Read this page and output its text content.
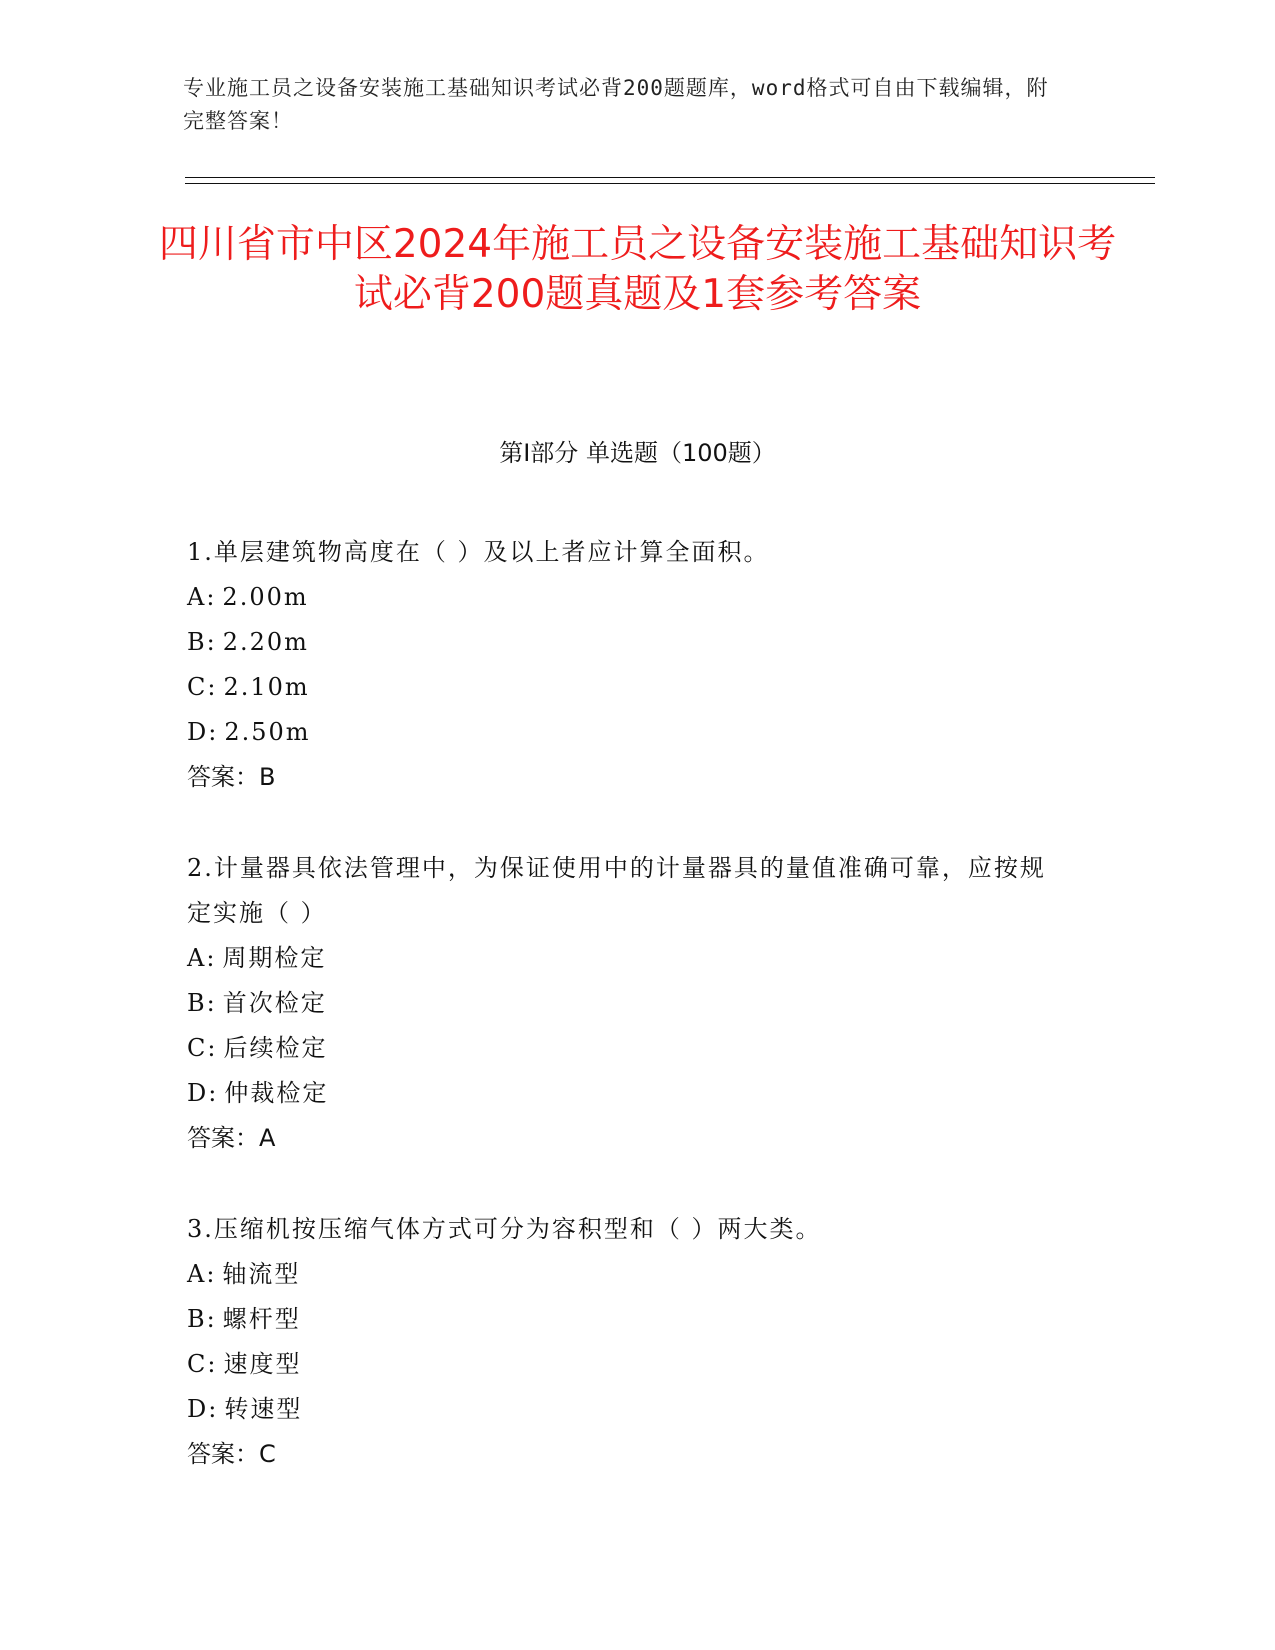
专业施工员之设备安装施工基础知识考试必背200题题库，word格式可自由下载编辑，附完整答案！
四川省市中区2024年施工员之设备安装施工基础知识考试必背200题真题及1套参考答案
第I部分 单选题（100题）
1.单层建筑物高度在（ ）及以上者应计算全面积。
A: 2.00m
B: 2.20m
C: 2.10m
D: 2.50m
答案：B
2.计量器具依法管理中，为保证使用中的计量器具的量值准确可靠，应按规定实施（ ）
A: 周期检定
B: 首次检定
C: 后续检定
D: 仲裁检定
答案：A
3.压缩机按压缩气体方式可分为容积型和（ ）两大类。
A: 轴流型
B: 螺杆型
C: 速度型
D: 转速型
答案：C
